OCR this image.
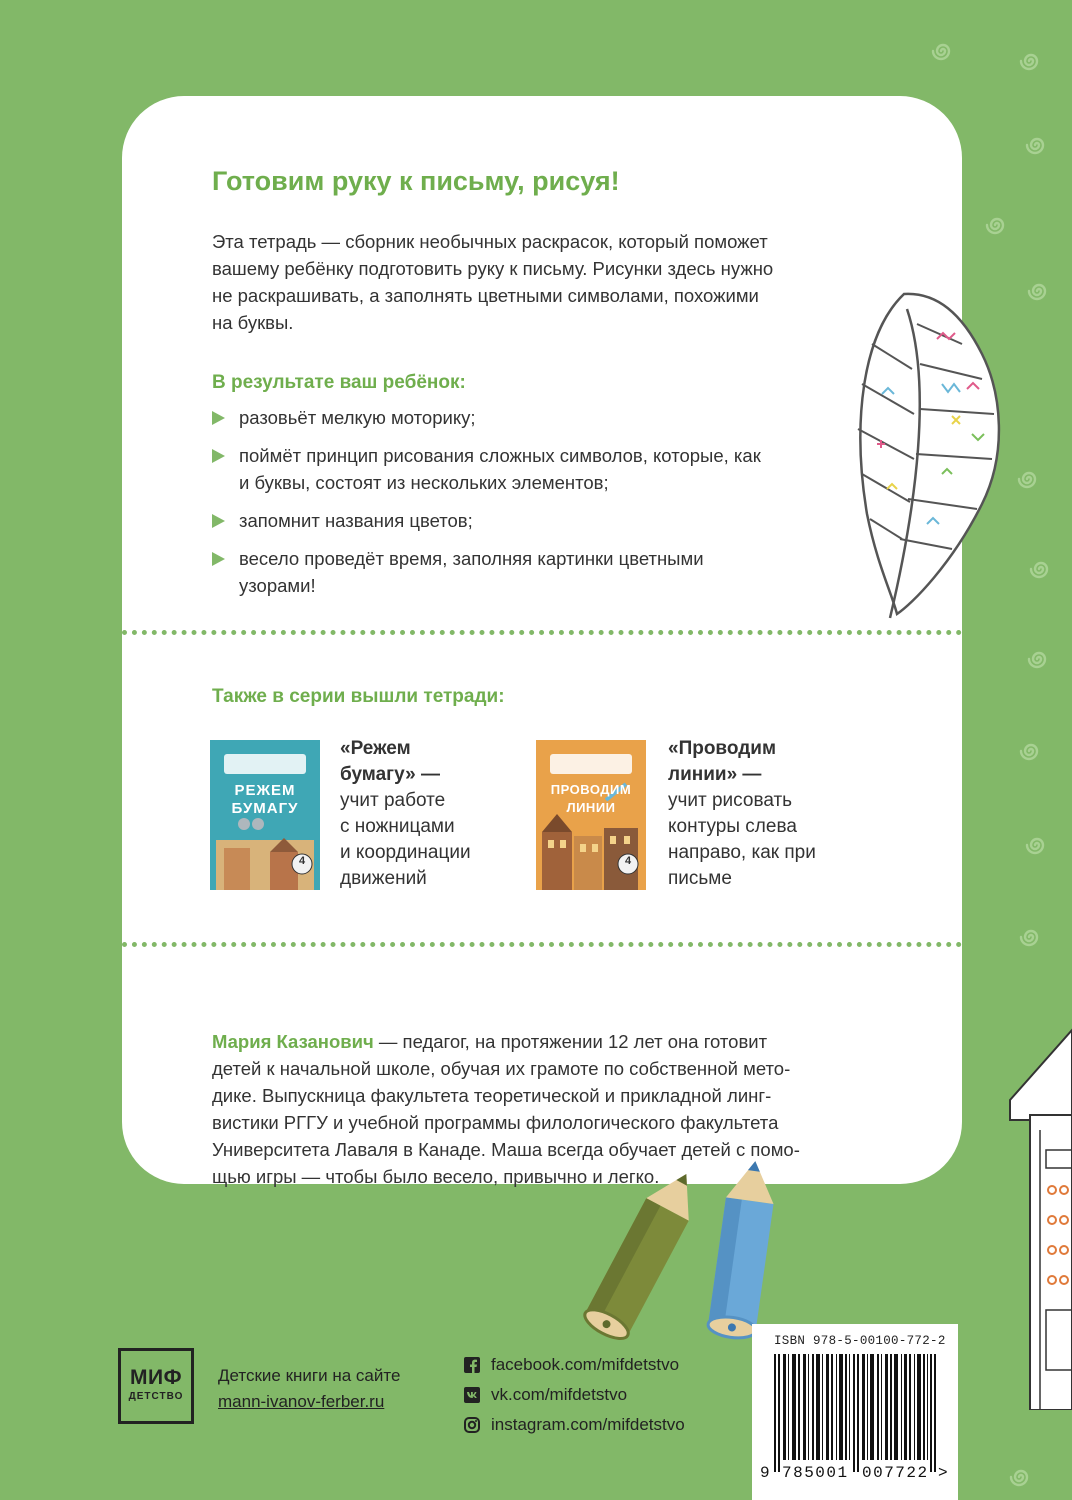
Готовим руку к письму, рисуя!
Эта тетрадь — сборник необычных раскрасок, который поможет
вашему ребёнку подготовить руку к письму. Рисунки здесь нужно
не раскрашивать, а заполнять цветными символами, похожими
на буквы.
В результате ваш ребёнок:
разовьёт мелкую моторику;
поймёт принцип рисования сложных символов, которые, как
и буквы, состоят из нескольких элементов;
запомнит названия цветов;
весело проведёт время, заполняя картинки цветными
узорами!
Также в серии вышли тетради:
РЕЖЕМ
БУМАГУ
4
«Режем
бумагу» —
учит работе
с ножницами
и координации
движений
ПРОВОДИМ
ЛИНИИ
4
«Проводим
линии» —
учит рисовать
контуры слева
направо, как при
письме
Мария Казанович — педагог, на протяжении 12 лет она готовит
детей к начальной школе, обучая их грамоте по собственной мето-
дике. Выпускница факультета теоретической и прикладной линг-
вистики РГГУ и учебной программы филологического факультета
Университета Лаваля в Канаде. Маша всегда обучает детей с помо-
щью игры — чтобы было весело, привычно и легко.
МИФ
ДЕТСТВО
Детские книги на сайте
mann-ivanov-ferber.ru
facebook.com/mifdetstvo
vk.com/mifdetstvo
instagram.com/mifdetstvo
ISBN 978-5-00100-772-2
9 785001 007722 >
